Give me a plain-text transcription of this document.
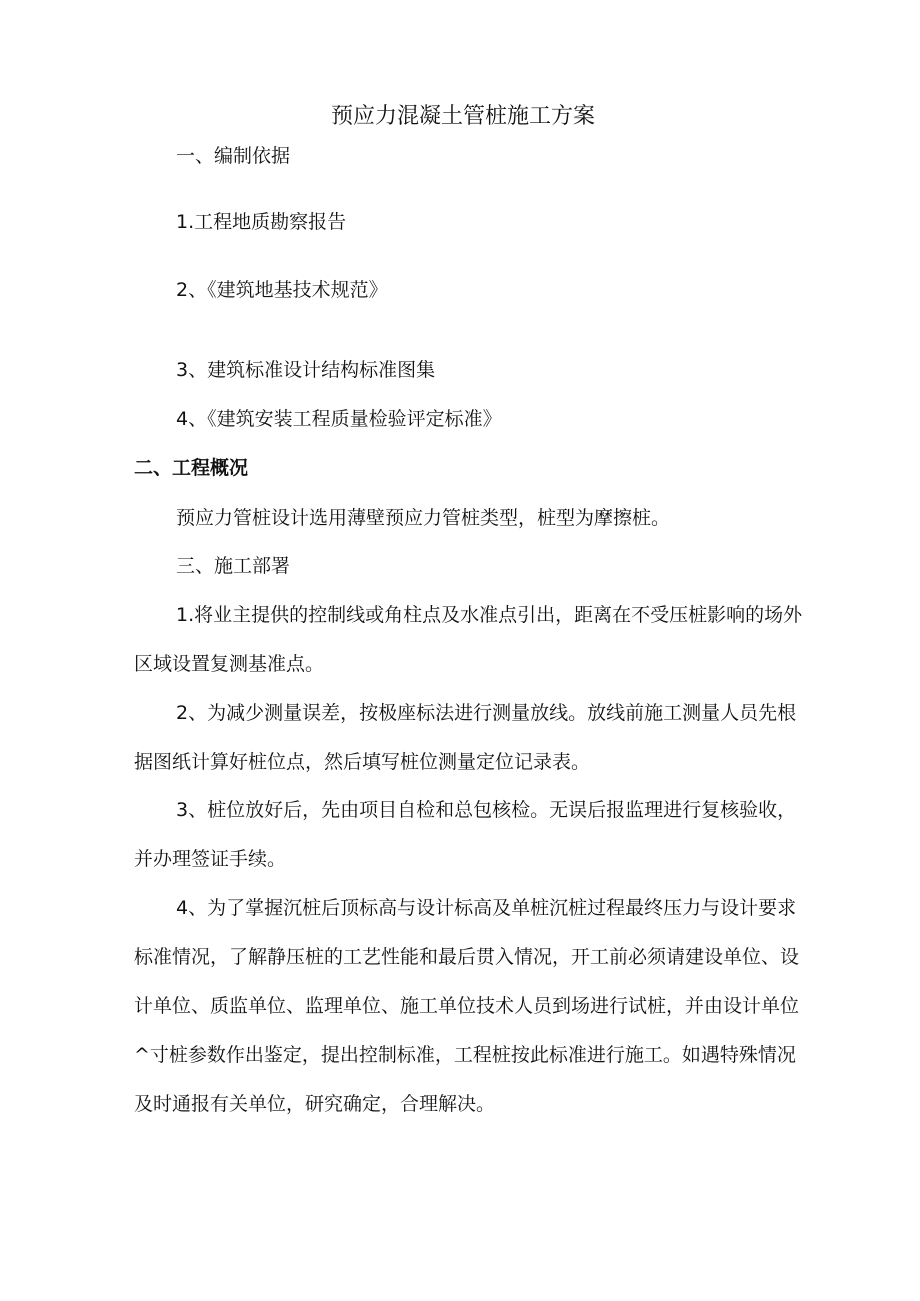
预应力混凝土管桩施工方案

一、编制依据

1.工程地质勘察报告

2、《建筑地基技术规范》

3、建筑标准设计结构标准图集

4、《建筑安装工程质量检验评定标准》

二、工程概况

预应力管桩设计选用薄壁预应力管桩类型，桩型为摩擦桩。

三、施工部署

1.将业主提供的控制线或角柱点及水准点引出，距离在不受压桩影响的场外

区域设置复测基准点。

2、为减少测量误差，按极座标法进行测量放线。放线前施工测量人员先根

据图纸计算好桩位点，然后填写桩位测量定位记录表。

3、桩位放好后，先由项目自检和总包核检。无误后报监理进行复核验收，

并办理签证手续。

4、为了掌握沉桩后顶标高与设计标高及单桩沉桩过程最终压力与设计要求

标准情况，了解静压桩的工艺性能和最后贯入情况，开工前必须请建设单位、设

计单位、质监单位、监理单位、施工单位技术人员到场进行试桩，并由设计单位

^寸桩参数作出鉴定，提出控制标准，工程桩按此标准进行施工。如遇特殊情况

及时通报有关单位，研究确定，合理解决。
